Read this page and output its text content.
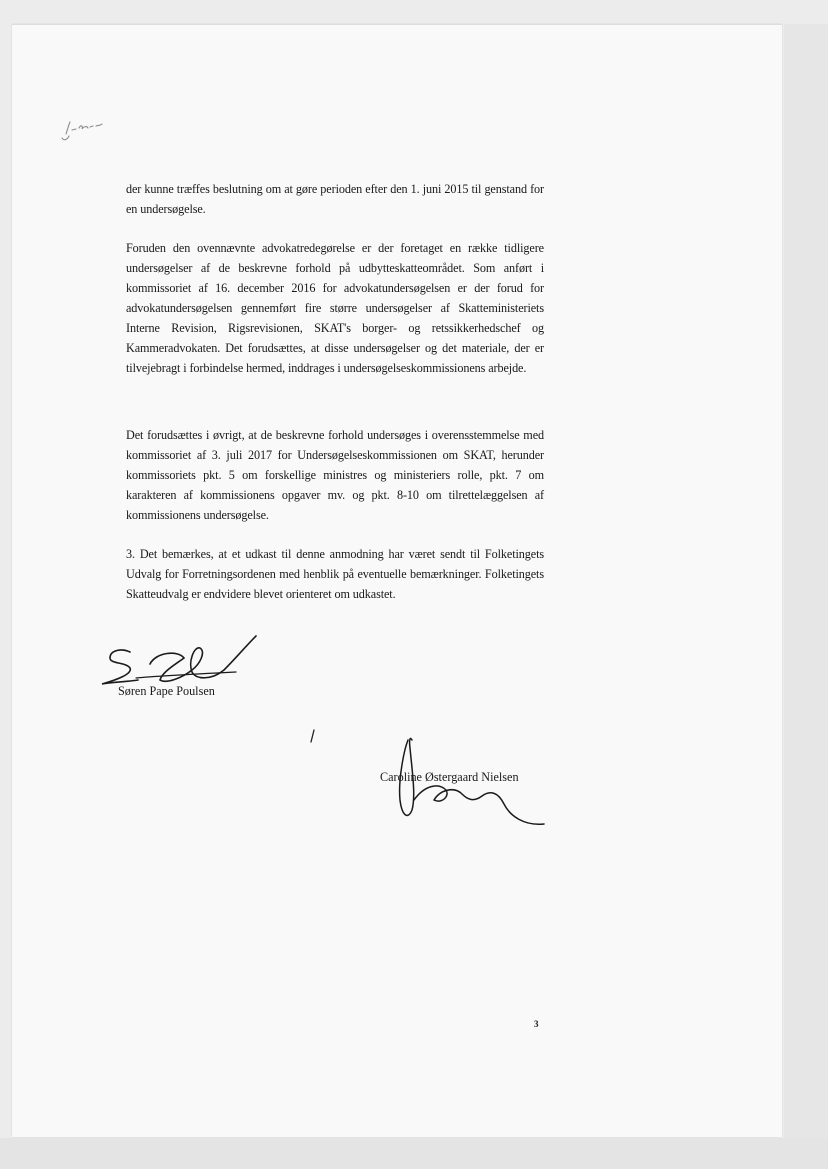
der kunne træffes beslutning om at gøre perioden efter den 1. juni 2015 til genstand for en undersøgelse.
Foruden den ovennævnte advokatredegørelse er der foretaget en række tidligere undersøgelser af de beskrevne forhold på udbytteskatteområdet. Som anført i kommissoriet af 16. december 2016 for advokatundersøgelsen er der forud for advokatundersøgelsen gennemført fire større undersøgelser af Skatteministeriets Interne Revision, Rigsrevisionen, SKAT's borger- og retssikkerhedschef og Kammeradvokaten. Det forudsættes, at disse undersøgelser og det materiale, der er tilvejebragt i forbindelse hermed, inddrages i undersøgelseskommissionens arbejde.
Det forudsættes i øvrigt, at de beskrevne forhold undersøges i overensstemmelse med kommissoriet af 3. juli 2017 for Undersøgelseskommissionen om SKAT, herunder kommissoriets pkt. 5 om forskellige ministres og ministeriers rolle, pkt. 7 om karakteren af kommissionens opgaver mv. og pkt. 8-10 om tilrettelæggelsen af kommissionens undersøgelse.
3. Det bemærkes, at et udkast til denne anmodning har været sendt til Folketingets Udvalg for Forretningsordenen med henblik på eventuelle bemærkninger. Folketingets Skatteudvalg er endvidere blevet orienteret om udkastet.
Søren Pape Poulsen
Caroline Østergaard Nielsen
3
